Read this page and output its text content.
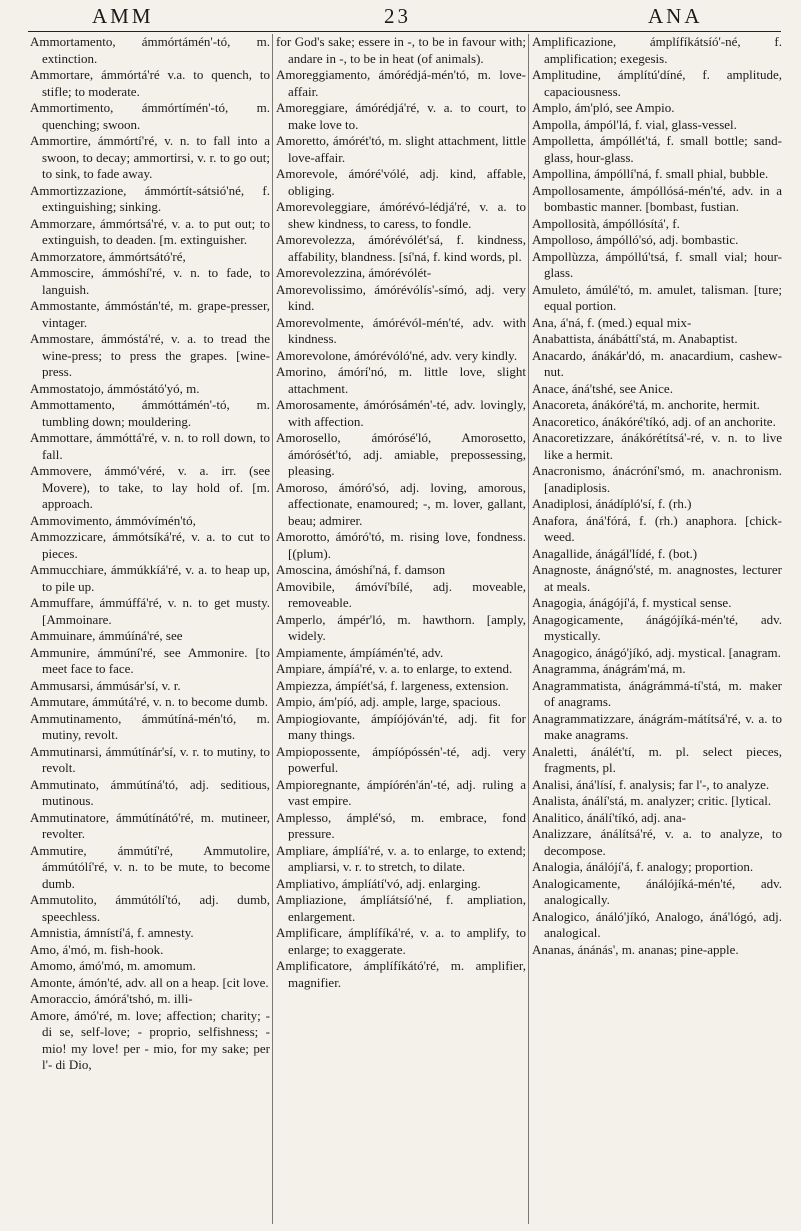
AMM	23	ANA

Ammortamento, ámmórtámén'-tó, m. extinction.

Ammortare, ámmórtá'ré v.a. to quench, to stifle; to moderate.

Ammortimento, ámmórtímén'-tó, m. quenching; swoon.

Ammortire, ámmórtí'ré, v. n. to fall into a swoon, to decay; ammortirsi, v. r. to go out; to sink, to fade away.

Ammortizzazione, ámmórtít-sátsió'né, f. extinguishing; sinking.

Ammorzare, ámmórtsá'ré, v. a. to put out; to extinguish, to deaden. [m. extinguisher.

Ammorzatore, ámmórtsátó'ré,

Ammoscire, ámmóshí'ré, v. n. to fade, to languish.

Ammostante, ámmóstán'té, m. grape-presser, vintager.

Ammostare, ámmóstá'ré, v. a. to tread the wine-press; to press the grapes. [wine-press.

Ammostatojo, ámmóstátó'yó, m.

Ammottamento, ámmóttámén'-tó, m. tumbling down; mouldering.

Ammottare, ámmóttá'ré, v. n. to roll down, to fall.

Ammovere, ámmó'véré, v. a. irr. (see Movere), to take, to lay hold of. [m. approach.

Ammovimento, ámmóvímén'tó,

Ammozzicare, ámmótsíká'ré, v. a. to cut to pieces.

Ammucchiare, ámmúkkíá'ré, v. a. to heap up, to pile up.

Ammuffare, ámmúffá'ré, v. n. to get musty. [Ammoinare.

Ammuinare, ámmúíná'ré, see

Ammunire, ámmúní'ré, see Ammonire. [to meet face to face.

Ammusarsi, ámmúsár'sí, v. r.

Ammutare, ámmútá'ré, v. n. to become dumb.

Ammutinamento, ámmútíná-mén'tó, m. mutiny, revolt.

Ammutinarsi, ámmútínár'sí, v. r. to mutiny, to revolt.

Ammutinato, ámmútíná'tó, adj. seditious, mutinous.

Ammutinatore, ámmútínátó'ré, m. mutineer, revolter.

Ammutire, ámmútí'ré, Ammutolire, ámmútólí'ré, v. n. to be mute, to become dumb.

Ammutolito, ámmútólí'tó, adj. dumb, speechless.

Amnistia, ámnístí'á, f. amnesty.

Amo, á'mó, m. fish-hook.

Amomo, ámó'mó, m. amomum.

Amonte, ámón'té, adv. all on a heap. [cit love.

Amoraccio, ámórá'tshó, m. illi-

Amore, ámó'ré, m. love; affection; charity; - di se, self-love; - proprio, selfishness; - mio! my love! per - mio, for my sake; per l'- di Dio,

for God's sake; essere in -, to be in favour with; andare in -, to be in heat (of animals).

Amoreggiamento, ámórédjá-mén'tó, m. love-affair.

Amoreggiare, ámórédjá'ré, v. a. to court, to make love to.

Amoretto, ámórét'tó, m. slight attachment, little love-affair.

Amorevole, ámóré'vólé, adj. kind, affable, obliging.

Amorevoleggiare, ámórévó-lédjá'ré, v. a. to shew kindness, to caress, to fondle.

Amorevolezza, ámórévólét'sá, f. kindness, affability, blandness. [sí'ná, f. kind words, pl.

Amorevolezzina, ámórévólét-

Amorevolissimo, ámórévólís'-símó, adj. very kind.

Amorevolmente, ámórévól-mén'té, adv. with kindness.

Amorevolone, ámórévóló'né, adv. very kindly.

Amorino, ámórí'nó, m. little love, slight attachment.

Amorosamente, ámórósámén'-té, adv. lovingly, with affection.

Amorosello, ámórósé'ló, Amorosetto, ámórósét'tó, adj. amiable, prepossessing, pleasing.

Amoroso, ámóró'só, adj. loving, amorous, affectionate, enamoured; -, m. lover, gallant, beau; admirer.

Amorotto, ámóró'tó, m. rising love, fondness. [(plum).

Amoscina, ámóshí'ná, f. damson

Amovibile, ámóví'bílé, adj. moveable, removeable.

Amperlo, ámpér'ló, m. hawthorn. [amply, widely.

Ampiamente, ámpíámén'té, adv.

Ampiare, ámpíá'ré, v. a. to enlarge, to extend.

Ampiezza, ámpíét'sá, f. largeness, extension.

Ampio, ám'píó, adj. ample, large, spacious.

Ampiogiovante, ámpíójóván'té, adj. fit for many things.

Ampiopossente, ámpíópóssén'-té, adj. very powerful.

Ampioregnante, ámpíórén'án'-té, adj. ruling a vast empire.

Amplesso, ámplé'só, m. embrace, fond pressure.

Ampliare, ámplíá'ré, v. a. to enlarge, to extend; ampliarsi, v. r. to stretch, to dilate.

Ampliativo, ámplíátí'vó, adj. enlarging.

Ampliazione, ámplíátsíó'né, f. ampliation, enlargement.

Amplificare, ámplífíká'ré, v. a. to amplify, to enlarge; to exaggerate.

Amplificatore, ámplífíkátó'ré, m. amplifier, magnifier.

Amplificazione, ámplífíkátsíó'-né, f. amplification; exegesis.

Amplitudine, ámplítú'díné, f. amplitude, capaciousness.

Amplo, ám'pló, see Ampio.

Ampolla, ámpól'lá, f. vial, glass-vessel.

Ampolletta, ámpóllét'tá, f. small bottle; sand-glass, hour-glass.

Ampollina, ámpóllí'ná, f. small phial, bubble.

Ampollosamente, ámpóllósá-mén'té, adv. in a bombastic manner. [bombast, fustian.

Ampollosità, ámpóllósítá', f.

Ampolloso, ámpólló'só, adj. bombastic.

Ampollùzza, ámpóllú'tsá, f. small vial; hour-glass.

Amuleto, ámúlé'tó, m. amulet, talisman. [ture; equal portion.

Ana, á'ná, f. (med.) equal mix-

Anabattista, ánábáttí'stá, m. Anabaptist.

Anacardo, ánákár'dó, m. anacardium, cashew-nut.

Anace, áná'tshé, see Anice.

Anacoreta, ánákóré'tá, m. anchorite, hermit.

Anacoretico, ánákóré'tíkó, adj. of an anchorite.

Anacoretizzare, ánákórétítsá'-ré, v. n. to live like a hermit.

Anacronismo, ánácróní'smó, m. anachronism. [anadiplosis.

Anadiplosi, ánádípló'sí, f. (rh.)

Anafora, áná'fórá, f. (rh.) anaphora. [chick-weed.

Anagallide, ánágál'lídé, f. (bot.)

Anagnoste, ánágnó'sté, m. anagnostes, lecturer at meals.

Anagogia, ánágójí'á, f. mystical sense.

Anagogicamente, ánágójíká-mén'té, adv. mystically.

Anagogico, ánágó'jíkó, adj. mystical. [anagram.

Anagramma, ánágrám'má, m.

Anagrammatista, ánágrámmá-tí'stá, m. maker of anagrams.

Anagrammatizzare, ánágrám-mátítsá'ré, v. a. to make anagrams.

Analetti, ánálét'tí, m. pl. select pieces, fragments, pl.

Analisi, áná'lísí, f. analysis; far l'-, to analyze.

Analista, ánálí'stá, m. analyzer; critic. [lytical.

Analitico, ánálí'tíkó, adj. ana-

Analizzare, ánálítsá'ré, v. a. to analyze, to decompose.

Analogia, ánálójí'á, f. analogy; proportion.

Analogicamente, ánálójíká-mén'té, adv. analogically.

Analogico, ánáló'jíkó, Analogo, áná'lógó, adj. analogical.

Ananas, ánánás', m. ananas; pine-apple.
